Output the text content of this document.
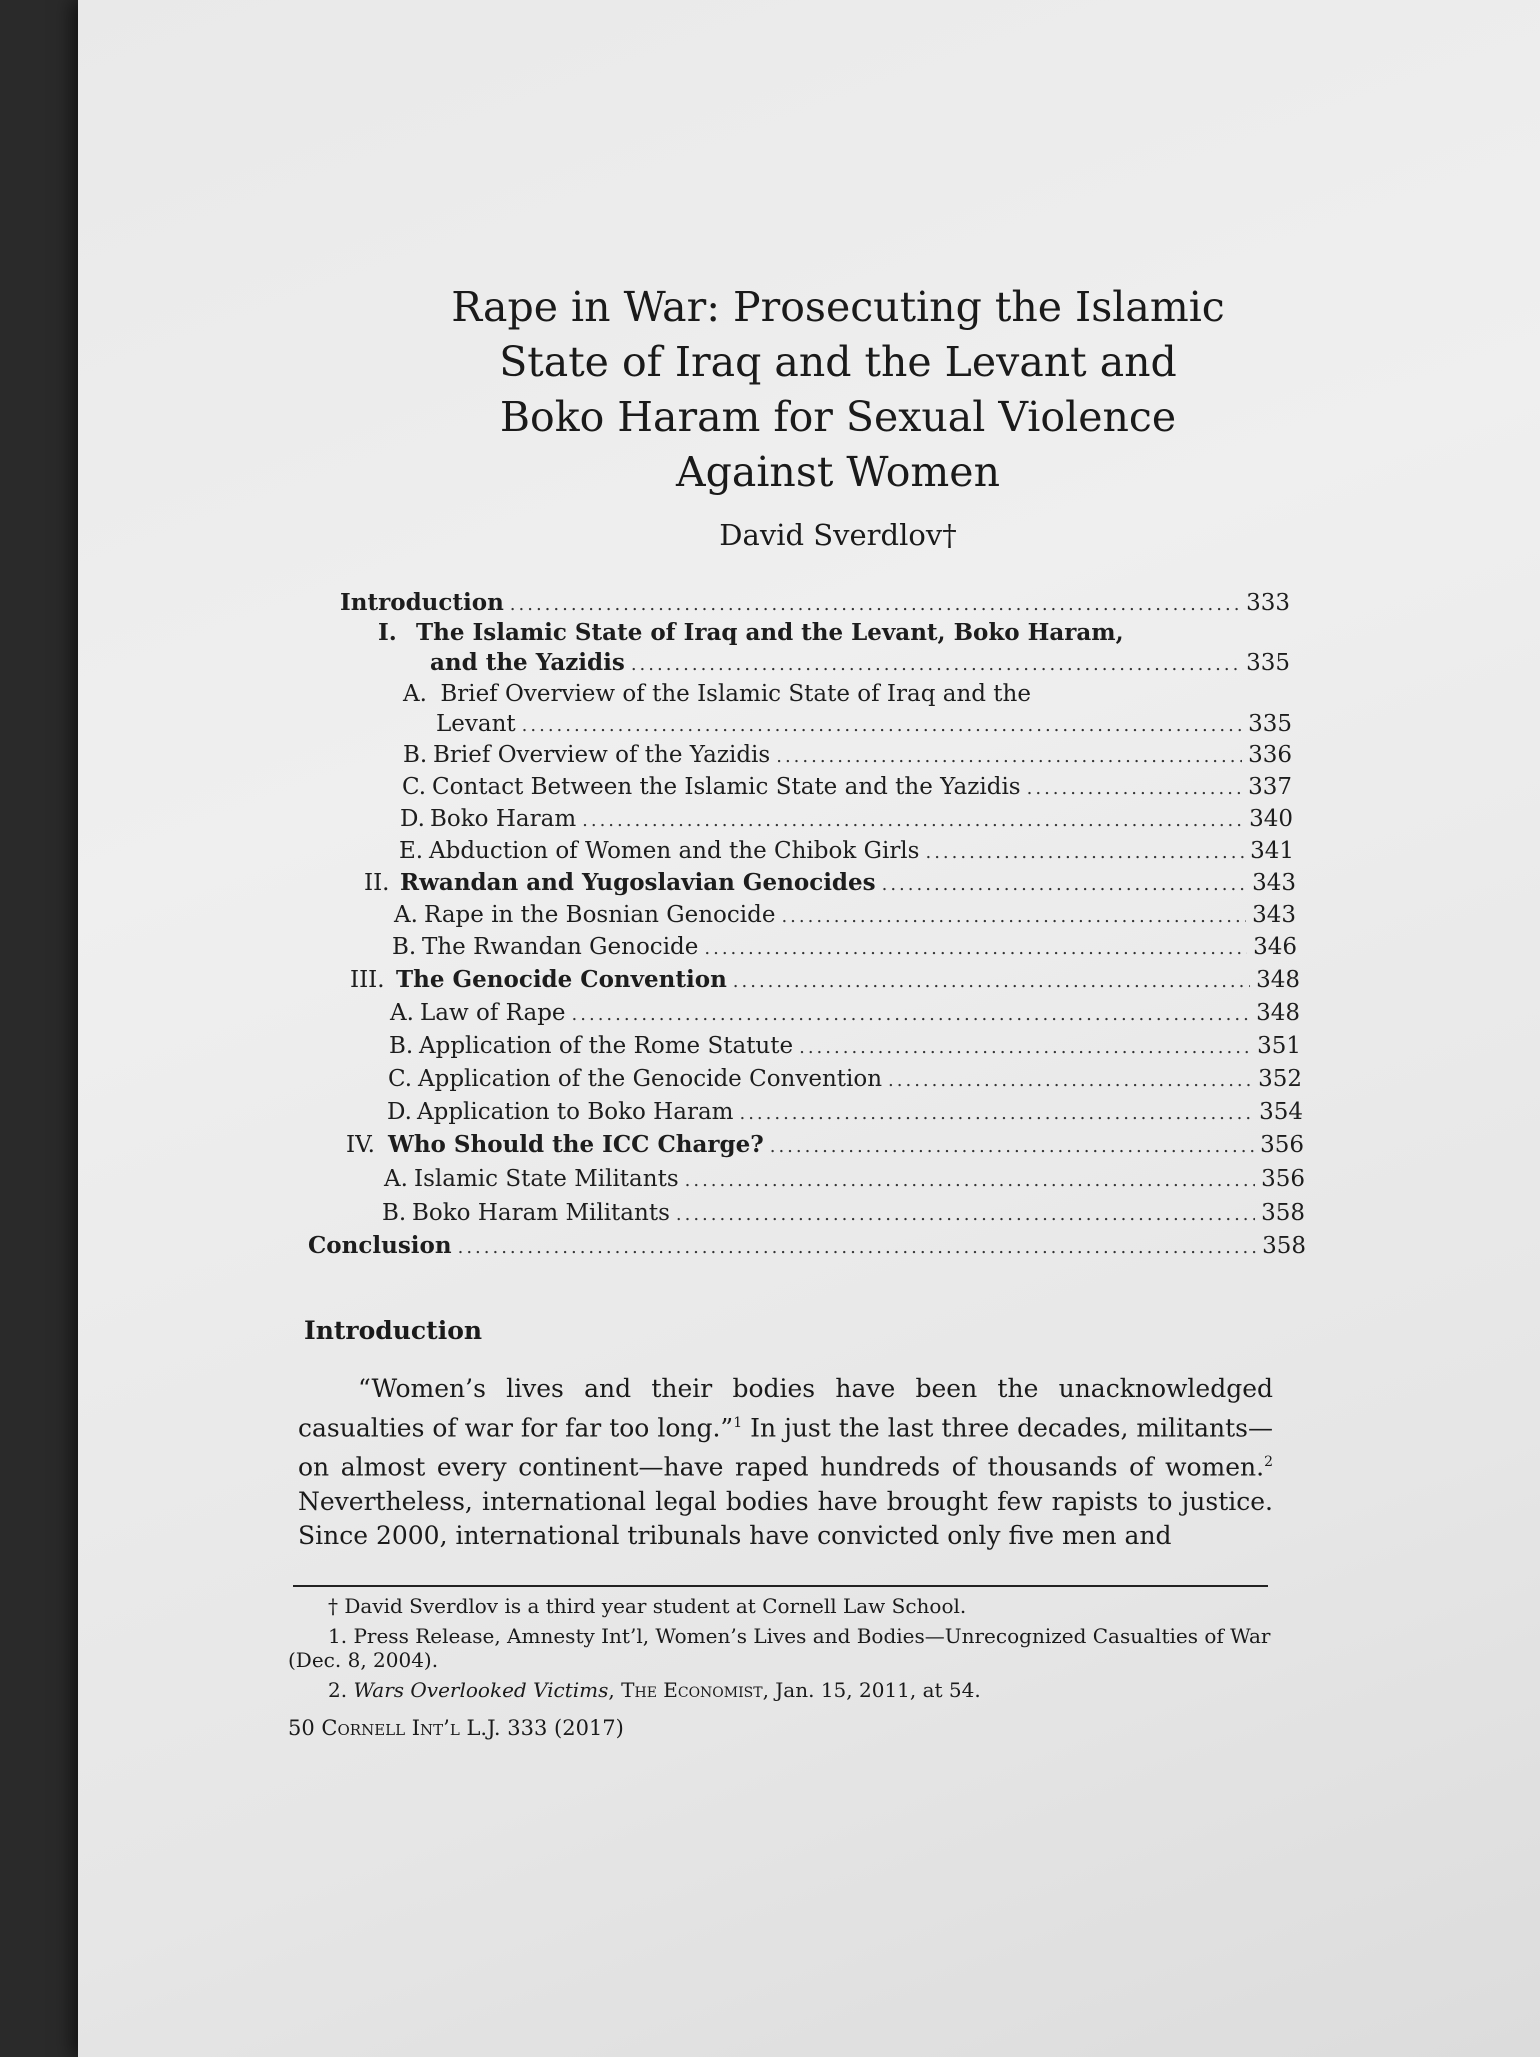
Rape in War: Prosecuting the Islamic
State of Iraq and the Levant and
Boko Haram for Sexual Violence
Against Women

David Sverdlov†

Introduction .....	333
I. The Islamic State of Iraq and the Levant, Boko Haram,
and the Yazidis .....	335
A. Brief Overview of the Islamic State of Iraq and the
Levant .....	335
B. Brief Overview of the Yazidis .....	336
C. Contact Between the Islamic State and the Yazidis .....	337
D. Boko Haram .....	340
E. Abduction of Women and the Chibok Girls .....	341
II. Rwandan and Yugoslavian Genocides .....	343
A. Rape in the Bosnian Genocide .....	343
B. The Rwandan Genocide .....	346
III. The Genocide Convention .....	348
A. Law of Rape .....	348
B. Application of the Rome Statute .....	351
C. Application of the Genocide Convention .....	352
D. Application to Boko Haram .....	354
IV. Who Should the ICC Charge? .....	356
A. Islamic State Militants .....	356
B. Boko Haram Militants .....	358
Conclusion .....	358
Introduction

“Women’s lives and their bodies have been the unacknowledged casualties of war for far too long.”$^1$ In just the last three decades, militants—on almost every continent—have raped hundreds of thousands of women.$^2$ Nevertheless, international legal bodies have brought few rapists to justice. Since 2000, international tribunals have convicted only five men and

† David Sverdlov is a third year student at Cornell Law School.

1. Press Release, Amnesty Int’l, Women’s Lives and Bodies—Unrecognized Casualties of War (Dec. 8, 2004).

2. Wars Overlooked Victims, The Economist, Jan. 15, 2011, at 54.

50 Cornell Int’l L.J. 333 (2017)
